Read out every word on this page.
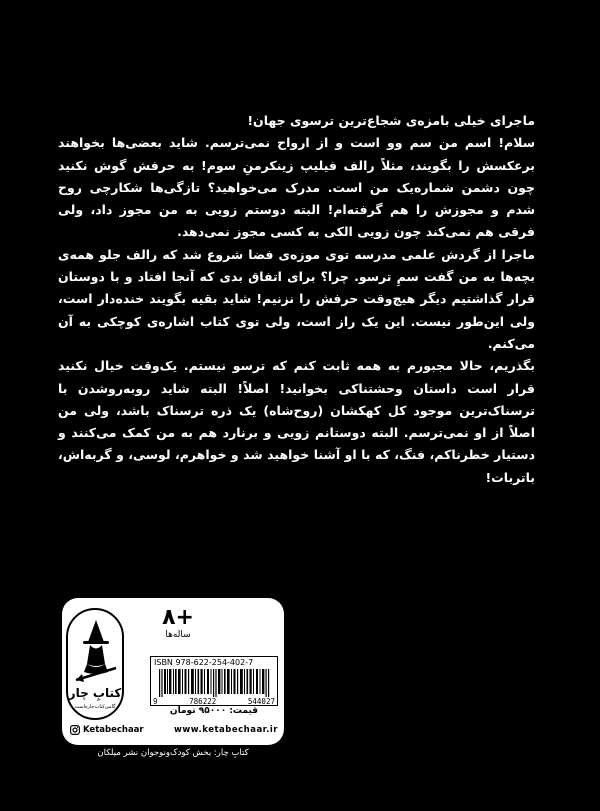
ماجرای خیلی بامزه‌ی شجاع‌ترین ترسوی جهان!

سلام! اسم من سم وو است و از ارواح نمی‌ترسم. شاید بعضی‌ها بخواهند برعکسش را بگویند، مثلاً رالف فیلیپ زینکرمنِ سوم! به حرفش گوش نکنید چون دشمن شماره‌یک من است. مدرک می‌خواهید؟ تازگی‌ها شکارچی روح شدم و مجوزش را هم گرفته‌ام! البته دوستم زویی به من مجوز داد، ولی فرقی هم نمی‌کند چون زویی الکی به کسی مجوز نمی‌دهد.

ماجرا از گردش علمی مدرسه توی موزه‌ی فضا شروع شد که رالف جلو همه‌ی بچه‌ها به من گفت سمِ ترسو. چرا؟ برای اتفاق بدی که آنجا افتاد و با دوستان قرار گذاشتیم دیگر هیچ‌وقت حرفش را نزنیم! شاید بقیه بگویند خنده‌دار است، ولی این‌طور نیست. این یک راز است، ولی توی کتاب اشاره‌ی کوچکی به آن می‌کنم.

بگذریم، حالا مجبورم به همه ثابت کنم که ترسو نیستم. یک‌وقت خیال نکنید قرار است داستان وحشتناکی بخوانید! اصلاً! البته شاید روبه‌روشدن با ترسناک‌ترین موجود کل کهکشان (روح‌شاه) یک ذره ترسناک باشد، ولی من اصلاً از او نمی‌ترسم. البته دوستانم زویی و برنارد هم به من کمک می‌کنند و دستیار خطرناکم، فنگ، که با او آشنا خواهید شد و خواهرم، لوسی، و گربه‌اش، باتربات!

کتابِ چار
گامی‌کتاب‌جاره‌است
۸+
ساله‌ها
ISBN 978-622-254-402-7
9	786222	544027
قیمت: ۹۵۰۰۰ تومان
Ketabechaar	www.ketabechaar.ir
کتابِ چار: بخش کودک‌ونوجوان نشر میلکان
